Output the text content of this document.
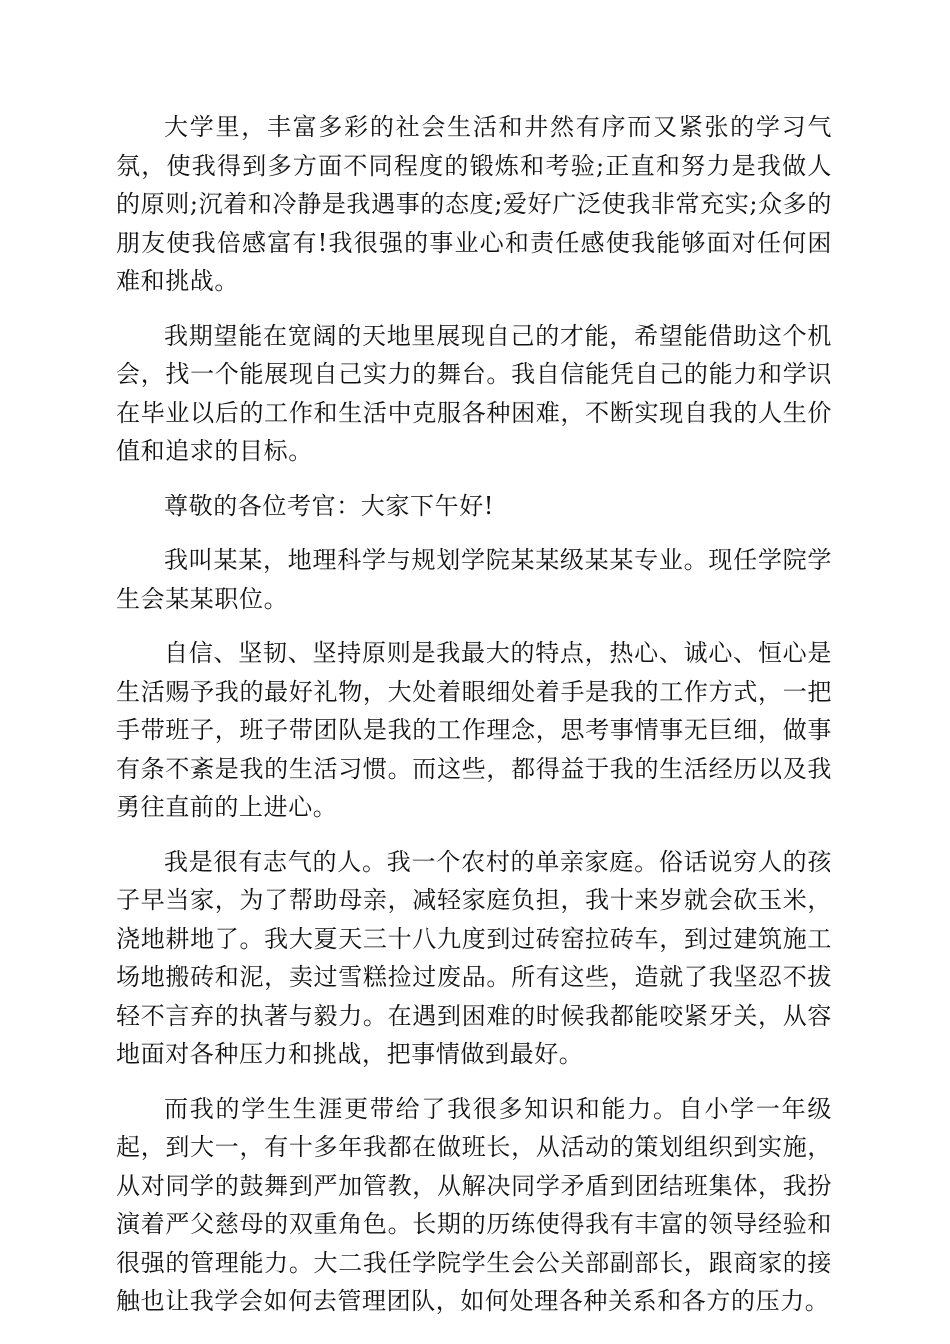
大学里，丰富多彩的社会生活和井然有序而又紧张的学习气氛，使我得到多方面不同程度的锻炼和考验;正直和努力是我做人的原则;沉着和冷静是我遇事的态度;爱好广泛使我非常充实;众多的朋友使我倍感富有!我很强的事业心和责任感使我能够面对任何困难和挑战。

我期望能在宽阔的天地里展现自己的才能，希望能借助这个机会，找一个能展现自己实力的舞台。我自信能凭自己的能力和学识在毕业以后的工作和生活中克服各种困难，不断实现自我的人生价值和追求的目标。

尊敬的各位考官：大家下午好!

我叫某某，地理科学与规划学院某某级某某专业。现任学院学生会某某职位。

自信、坚韧、坚持原则是我最大的特点，热心、诚心、恒心是生活赐予我的最好礼物，大处着眼细处着手是我的工作方式，一把手带班子，班子带团队是我的工作理念，思考事情事无巨细，做事有条不紊是我的生活习惯。而这些，都得益于我的生活经历以及我勇往直前的上进心。

我是很有志气的人。我一个农村的单亲家庭。俗话说穷人的孩子早当家，为了帮助母亲，减轻家庭负担，我十来岁就会砍玉米，浇地耕地了。我大夏天三十八九度到过砖窑拉砖车，到过建筑施工场地搬砖和泥，卖过雪糕捡过废品。所有这些，造就了我坚忍不拔轻不言弃的执著与毅力。在遇到困难的时候我都能咬紧牙关，从容地面对各种压力和挑战，把事情做到最好。

而我的学生生涯更带给了我很多知识和能力。自小学一年级起，到大一，有十多年我都在做班长，从活动的策划组织到实施，从对同学的鼓舞到严加管教，从解决同学矛盾到团结班集体，我扮演着严父慈母的双重角色。长期的历练使得我有丰富的领导经验和很强的管理能力。大二我任学院学生会公关部副部长，跟商家的接触也让我学会如何去管理团队，如何处理各种关系和各方的压力。
